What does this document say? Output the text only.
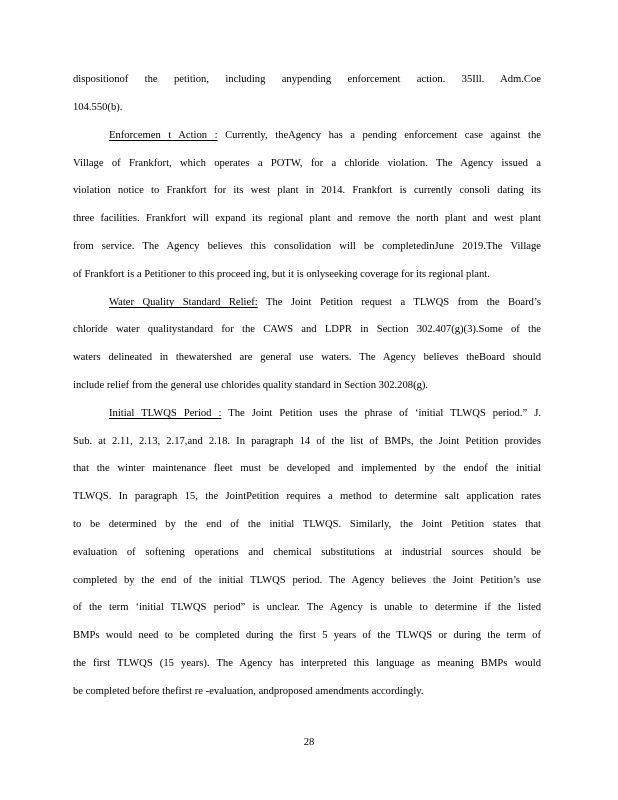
dispositionof the petition, including anypending enforcement action. 35Ill. Adm.Coe
104.550(b).
Enforcemen t Action : Currently, theAgency has a pending enforcement case against the
Village of Frankfort, which operates a POTW, for a chloride violation. The Agency issued a
violation notice to Frankfort for its west plant in 2014. Frankfort is currently consoli dating its
three facilities. Frankfort will expand its regional plant and remove the north plant and west plant
from service. The Agency believes this consolidation will be completedinJune 2019.The Village
of Frankfort is a Petitioner to this proceed ing, but it is onlyseeking coverage for its regional plant.
Water Quality Standard Relief: The Joint Petition request a TLWQS from the Board’s
chloride water qualitystandard for the CAWS and LDPR in Section 302.407(g)(3).Some of the
waters delineated in thewatershed are general use waters. The Agency believes theBoard should
include relief from the general use chlorides quality standard in Section 302.208(g).
Initial TLWQS Period : The Joint Petition uses the phrase of ‘initial TLWQS period.” J.
Sub. at 2.11, 2.13, 2.17,and 2.18. In paragraph 14 of the list of BMPs, the Joint Petition provides
that the winter maintenance fleet must be developed and implemented by the endof the initial
TLWQS. In paragraph 15, the JointPetition requires a method to determine salt application rates
to be determined by the end of the initial TLWQS. Similarly, the Joint Petition states that
evaluation of softening operations and chemical substitutions at industrial sources should be
completed by the end of the initial TLWQS period. The Agency believes the Joint Petition’s use
of the term ‘initial TLWQS period” is unclear. The Agency is unable to determine if the listed
BMPs would need to be completed during the first 5 years of the TLWQS or during the term of
the first TLWQS (15 years). The Agency has interpreted this language as meaning BMPs would
be completed before thefirst re -evaluation, andproposed amendments accordingly.
28
